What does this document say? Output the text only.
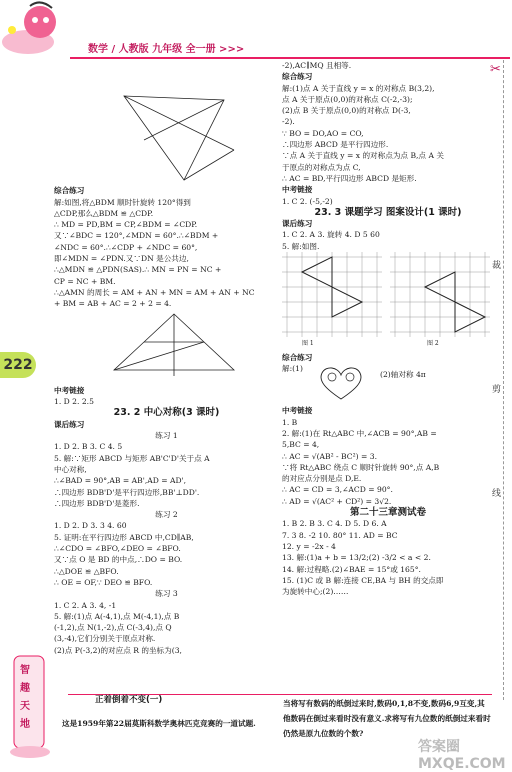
数学 / 人教版 九年级 全一册 >>>
✂
裁
剪
线
222

综合练习

解:如图,将△BDM 顺时针旋转 120°得到

△CDP,那么△BDM ≌ △CDP.

∴ MD = PD,BM = CP,∠BDM = ∠CDP.

又∵∠BDC = 120°,∠MDN = 60°.∴∠BDM +

∠NDC = 60°.∴∠CDP + ∠NDC = 60°,

即∠MDN = ∠PDN.又∵DN 是公共边,

∴△MDN ≌ △PDN(SAS).∴ MN = PN = NC +

CP = NC + BM.

∴△AMN 的周长 = AM + AN + MN = AM + AN + NC

+ BM = AB + AC = 2 + 2 = 4.

中考链接

1. D 2. 2.5

23. 2 中心对称(3 课时)

课后练习

练习 1

1. D 2. B 3. C 4. 5

5. 解:∵矩形 ABCD 与矩形 AB'C'D'关于点 A

中心对称,

∴∠BAD = 90°,AB = AB',AD = AD',

∴四边形 BDB'D'是平行四边形,BB'⊥DD'.

∴四边形 BDB'D'是菱形.

练习 2

1. D 2. D 3. 3 4. 60

5. 证明:在平行四边形 ABCD 中,CD∥AB,

∴∠CDO = ∠BFO,∠DEO = ∠BFO.

又∵点 O 是 BD 的中点,∴DO = BO.

∴△DOE ≌ △BFO.

∴ OE = OF,∵ DEO ≌ BFO.

练习 3

1. C 2. A 3. 4, -1

5. 解:(1)点 A(-4,1),点 M(-4,1),点 B

(-1,2),点 N(1,-2),点 C(-3,4),点 Q

(3,-4),它们分别关于原点对称.

(2)点 P(-3,2)的对应点 R 的坐标为(3,

-2),AC∥MQ 且相等.

综合练习

解:(1)点 A 关于直线 y = x 的对称点 B(3,2),

点 A 关于原点(0,0)的对称点 C(-2,-3);

(2)点 B 关于原点(0,0)的对称点 D(-3,

-2).

∵ BO = DO,AO = CO,

∴四边形 ABCD 是平行四边形.

∵点 A 关于直线 y = x 的对称点为点 B,点 A 关

于原点的对称点为点 C,

∴ AC = BD,平行四边形 ABCD 是矩形.

中考链接

1. C 2. (-5,-2)

23. 3 课题学习 图案设计(1 课时)

课后练习

1. C 2. A 3. 旋转 4. D 5 60

5. 解:如图.

图 1	图 2

综合练习

解:(1)
(2)轴对称 4π

中考链接

1. B

2. 解:(1)在 Rt△ABC 中,∠ACB = 90°,AB =

5,BC = 4,

∴ AC = √(AB² - BC²) = 3.

∵将 Rt△ABC 绕点 C 顺时针旋转 90°,点 A,B

的对应点分别是点 D,E.

∴ AC = CD = 3,∠ACD = 90°.

∴ AD = √(AC² + CD²) = 3√2.

第二十三章测试卷

1. B 2. B 3. C 4. D 5. D 6. A

7. 3 8. -2 10. 80° 11. AD = BC

12. y = -2x - 4

13. 解:(1)a + b = 13/2;(2) -3/2 < a < 2.

14. 解:过程略.(2)∠BAE = 15°或 165°.

15. (1)C 或 B 解:连接 CE,BA 与 BH 的交点即

为旋转中心;(2)……

智趣天地
正着倒着不变(一)
这是1959年第22届莫斯科数学奥林匹克竞赛的一道试题.
当将写有数码的纸倒过来时,数码0,1,8不变,数码6,9互变,其他数码在倒过来看时没有意义.求将写有九位数的纸倒过来看时仍然是原九位数的个数?
答案圈 MXQE.COM
